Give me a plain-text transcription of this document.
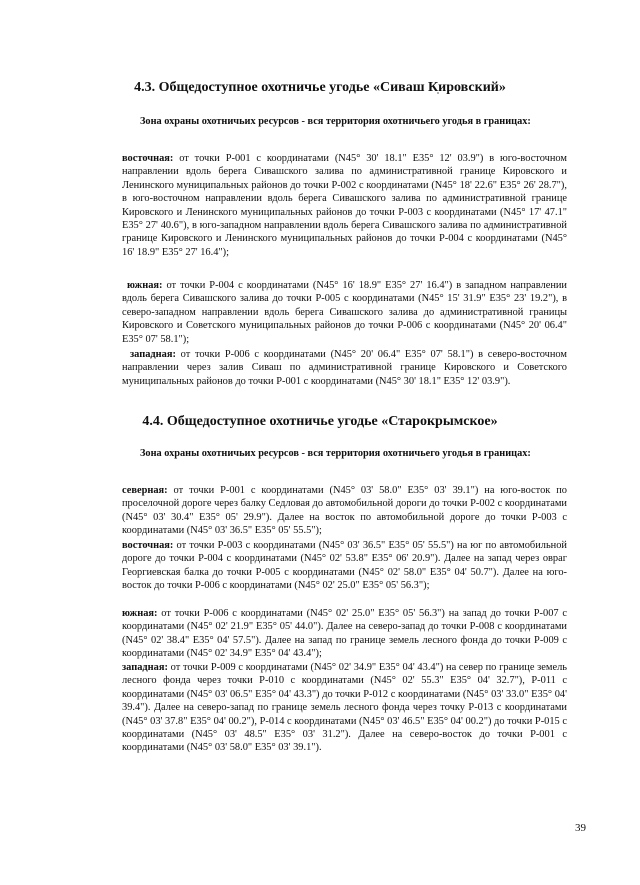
4.3. Общедоступное охотничье угодье «Сиваш Кировский»

Зона охраны охотничьих ресурсов - вся территория охотничьего угодья в границах:

восточная: от точки Р-001 с координатами (N45° 30' 18.1" E35° 12' 03.9") в юго-восточном направлении вдоль берега Сивашского залива по административной границе Кировского и Ленинского муниципальных районов до точки Р-002 с координатами (N45° 18' 22.6" E35° 26' 28.7"), в юго-восточном направлении вдоль берега Сивашского залива по административной границе Кировского и Ленинского муниципальных районов до точки Р-003 с координатами (N45° 17' 47.1" E35° 27' 40.6"), в юго-западном направлении вдоль берега Сивашского залива по административной границе Кировского и Ленинского муниципальных районов до точки Р-004 с координатами (N45° 16' 18.9" E35° 27' 16.4");

южная: от точки Р-004 с координатами (N45° 16' 18.9" E35° 27' 16.4") в западном направлении вдоль берега Сивашского залива до точки Р-005 с координатами (N45° 15' 31.9" E35° 23' 19.2"), в северо-западном направлении вдоль берега Сивашского залива до административной границы Кировского и Советского муниципальных районов до точки Р-006 с координатами (N45° 20' 06.4" E35° 07' 58.1");

западная: от точки Р-006 с координатами (N45° 20' 06.4" E35° 07' 58.1") в северо-восточном направлении через залив Сиваш по административной границе Кировского и Советского муниципальных районов до точки Р-001 с координатами (N45° 30' 18.1" E35° 12' 03.9").

4.4. Общедоступное охотничье угодье «Старокрымское»

Зона охраны охотничьих ресурсов - вся территория охотничьего угодья в границах:

северная: от точки Р-001 с координатами (N45° 03' 58.0" E35° 03' 39.1") на юго-восток по проселочной дороге через балку Седловая до автомобильной дороги до точки Р-002 с координатами (N45° 03' 30.4" E35° 05' 29.9"). Далее на восток по автомобильной дороге до точки Р-003 с координатами (N45° 03' 36.5" E35° 05' 55.5");

восточная: от точки Р-003 с координатами (N45° 03' 36.5" E35° 05' 55.5") на юг по автомобильной дороге до точки Р-004 с координатами (N45° 02' 53.8" E35° 06' 20.9"). Далее на запад через овраг Георгиевская балка до точки Р-005 с координатами (N45° 02' 58.0" E35° 04' 50.7"). Далее на юго-восток до точки Р-006 с координатами (N45° 02' 25.0" E35° 05' 56.3");

южная: от точки Р-006 с координатами (N45° 02' 25.0" E35° 05' 56.3") на запад до точки Р-007 с координатами (N45° 02' 21.9" E35° 05' 44.0"). Далее на северо-запад до точки Р-008 с координатами (N45° 02' 38.4" E35° 04' 57.5"). Далее на запад по границе земель лесного фонда до точки Р-009 с координатами (N45° 02' 34.9" E35° 04' 43.4");

западная: от точки Р-009 с координатами (N45° 02' 34.9" E35° 04' 43.4") на север по границе земель лесного фонда через точки Р-010 с координатами (N45° 02' 55.3" E35° 04' 32.7"), Р-011 с координатами (N45° 03' 06.5" E35° 04' 43.3") до точки Р-012 с координатами (N45° 03' 33.0" E35° 04' 39.4"). Далее на северо-запад по границе земель лесного фонда через точку Р-013 с координатами (N45° 03' 37.8" E35° 04' 00.2"), Р-014 с координатами (N45° 03' 46.5" E35° 04' 00.2") до точки Р-015 с координатами (N45° 03' 48.5" E35° 03' 31.2"). Далее на северо-восток до точки Р-001 с координатами (N45° 03' 58.0" E35° 03' 39.1").

39
